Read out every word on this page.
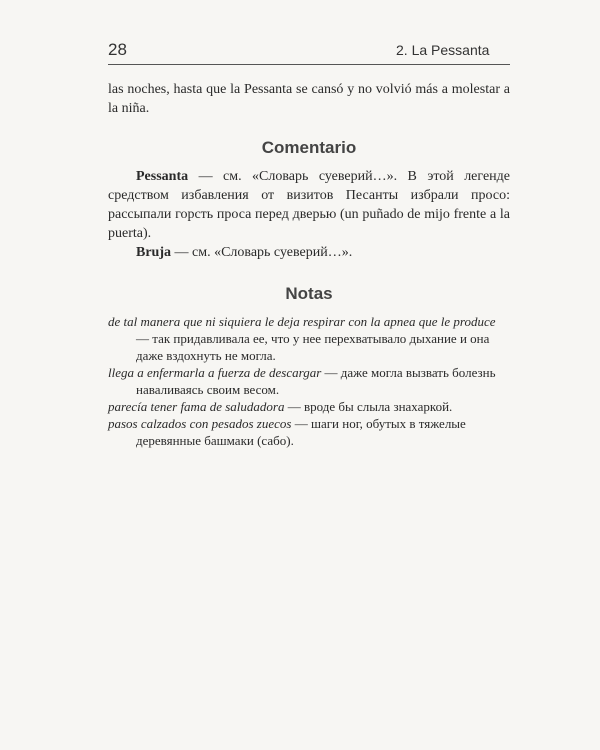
28	2. La Pessanta

las noches, hasta que la Pessanta se cansó y no volvió más a molestar a la niña.

Comentario

Pessanta — см. «Словарь суеверий…». В этой легенде средством избавления от визитов Песанты избрали просо: рассыпали горсть проса перед дверью (un puñado de mijo frente a la puerta).

Bruja — см. «Словарь суеверий…».

Notas

de tal manera que ni siquiera le deja respirar con la apnea que le produce — так придавливала ее, что у нее перехватывало дыхание и она даже вздохнуть не могла.

llega a enfermarla a fuerza de descargar — даже могла вызвать болезнь наваливаясь своим весом.

parecía tener fama de saludadora — вроде бы слыла знахаркой.

pasos calzados con pesados zuecos — шаги ног, обутых в тяжелые деревянные башмаки (сабо).
